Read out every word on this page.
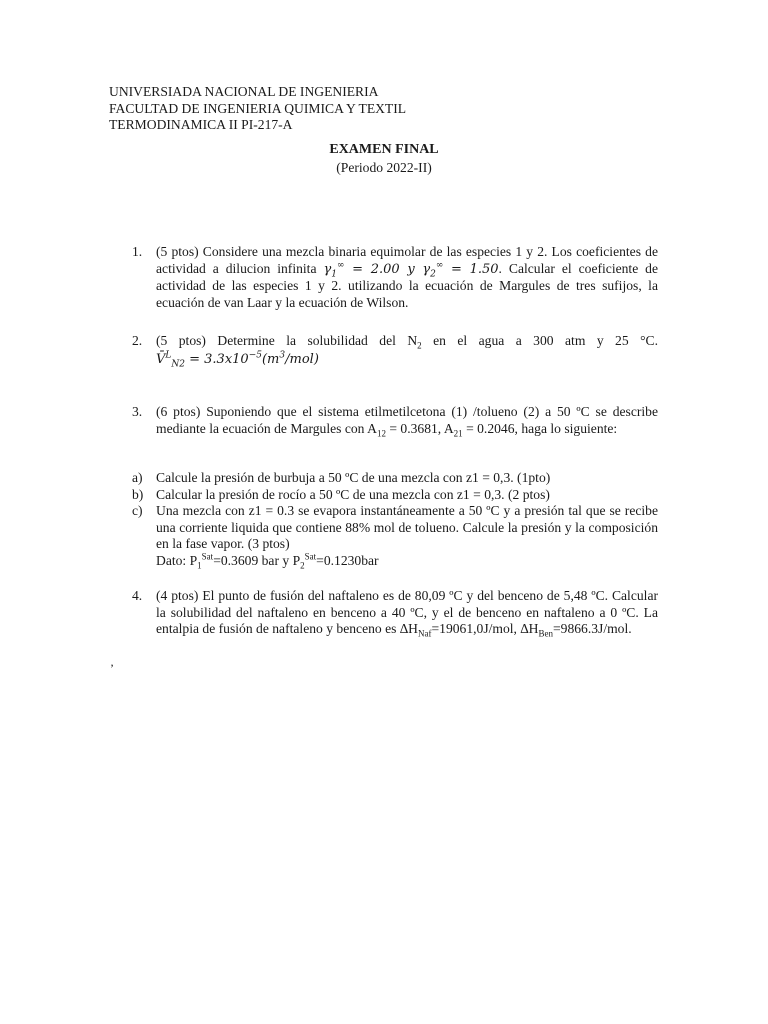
UNIVERSIADA NACIONAL DE INGENIERIA
FACULTAD DE INGENIERIA QUIMICA Y TEXTIL
TERMODINAMICA II PI-217-A
EXAMEN FINAL
(Periodo 2022-II)
1. (5 ptos) Considere una mezcla binaria equimolar de las especies 1 y 2. Los coeficientes de actividad a dilucion infinita $\gamma_1^\infty = 2.00$ y $\gamma_2^\infty = 1.50$. Calcular el coeficiente de actividad de las especies 1 y 2. utilizando la ecuación de Margules de tres sufijos, la ecuación de van Laar y la ecuación de Wilson.
2. (5 ptos) Determine la solubilidad del $N_2$ en el agua a 300 atm y 25 °C.
V̄$^L_{N2}$ = $3.3x10^{-5}(m^3/mol)$
3. (6 ptos) Suponiendo que el sistema etilmetilcetona (1) /tolueno (2) a 50 ºC se describe mediante la ecuación de Margules con $A_{12} = 0.3681$, $A_{21} = 0.2046$, haga lo siguiente:
a) Calcule la presión de burbuja a 50 ºC de una mezcla con z1 = 0,3. (1pto)
b) Calcular la presión de rocío a 50 ºC de una mezcla con z1 = 0,3. (2 ptos)
c) Una mezcla con z1 = 0.3 se evapora instantáneamente a 50 ºC y a presión tal que se recibe una corriente liquida que contiene 88% mol de tolueno. Calcule la presión y la composición en la fase vapor. (3 ptos)
Dato: $P_1^{Sat}=0.3609$ bar y $P_2^{Sat}=0.1230bar$
4. (4 ptos) El punto de fusión del naftaleno es de 80,09 ºC y del benceno de 5,48 ºC. Calcular la solubilidad del naftaleno en benceno a 40 ºC, y el de benceno en naftaleno a 0 ºC. La entalpia de fusión de naftaleno y benceno es $\Delta H_{Naf}=19061,0J$/mol, $\Delta H_{Ben}=9866.3J$/mol.
’
